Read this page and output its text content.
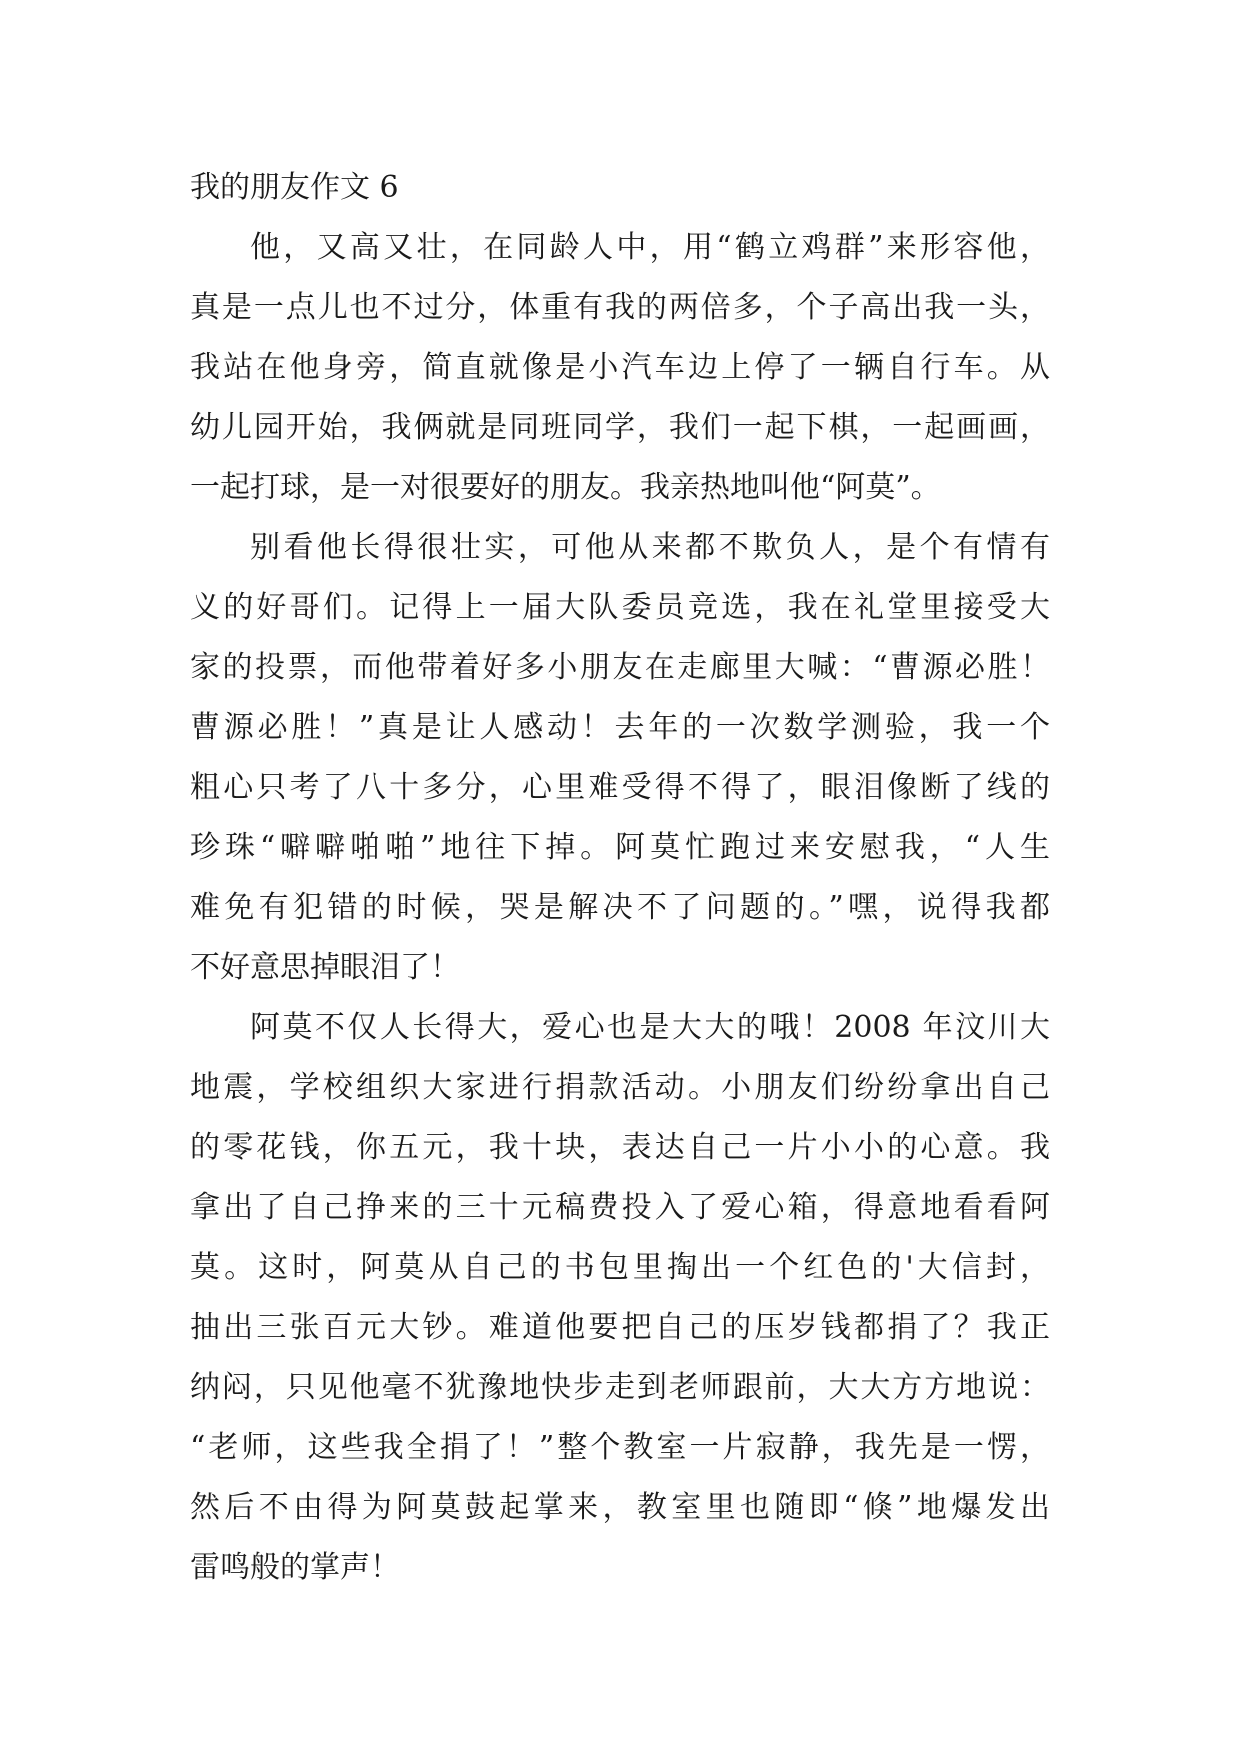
我的朋友作文 6
他，又高又壮，在同龄人中，用“鹤立鸡群”来形容他，
真是一点儿也不过分，体重有我的两倍多，个子高出我一头，
我站在他身旁，简直就像是小汽车边上停了一辆自行车。从
幼儿园开始，我俩就是同班同学，我们一起下棋，一起画画，
一起打球，是一对很要好的朋友。我亲热地叫他“阿莫”。
别看他长得很壮实，可他从来都不欺负人，是个有情有
义的好哥们。记得上一届大队委员竞选，我在礼堂里接受大
家的投票，而他带着好多小朋友在走廊里大喊：“曹源必胜！
曹源必胜！”真是让人感动！去年的一次数学测验，我一个
粗心只考了八十多分，心里难受得不得了，眼泪像断了线的
珍珠“噼噼啪啪”地往下掉。阿莫忙跑过来安慰我，“人生
难免有犯错的时候，哭是解决不了问题的。”嘿，说得我都
不好意思掉眼泪了！
阿莫不仅人长得大，爱心也是大大的哦！2008 年汶川大
地震，学校组织大家进行捐款活动。小朋友们纷纷拿出自己
的零花钱，你五元，我十块，表达自己一片小小的心意。我
拿出了自己挣来的三十元稿费投入了爱心箱，得意地看看阿
莫。这时，阿莫从自己的书包里掏出一个红色的'大信封，
抽出三张百元大钞。难道他要把自己的压岁钱都捐了？我正
纳闷，只见他毫不犹豫地快步走到老师跟前，大大方方地说：
“老师，这些我全捐了！”整个教室一片寂静，我先是一愣，
然后不由得为阿莫鼓起掌来，教室里也随即“倏”地爆发出
雷鸣般的掌声！
